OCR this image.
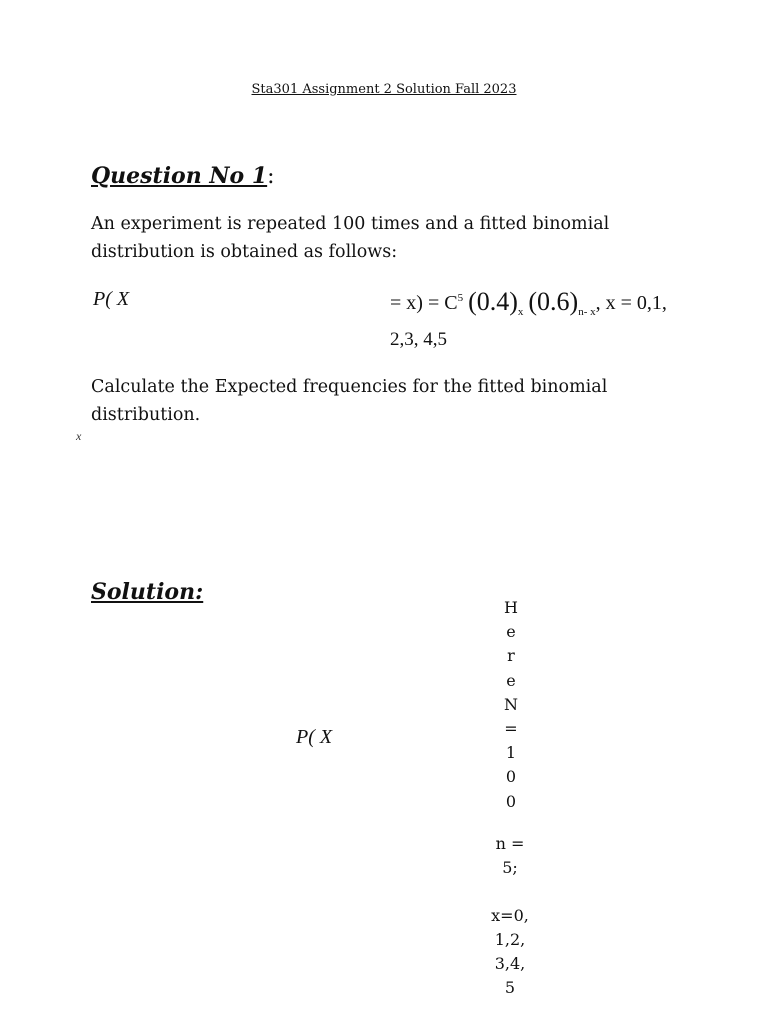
Sta301 Assignment 2 Solution Fall 2023
Question No 1:
An experiment is repeated 100 times and a fitted binomial distribution is obtained as follows:
P( X	= $x) = C^5$ $(0.4)_x$ $(0.6)_{n- x}$, x = 0,1,
2,3, 4,5
Calculate the Expected frequencies for the fitted binomial distribution.
x
Solution:
P( X
H
e
r
e
N
=
1
0
0
n =
5;
x=0,
1,2,
3,4,
5
